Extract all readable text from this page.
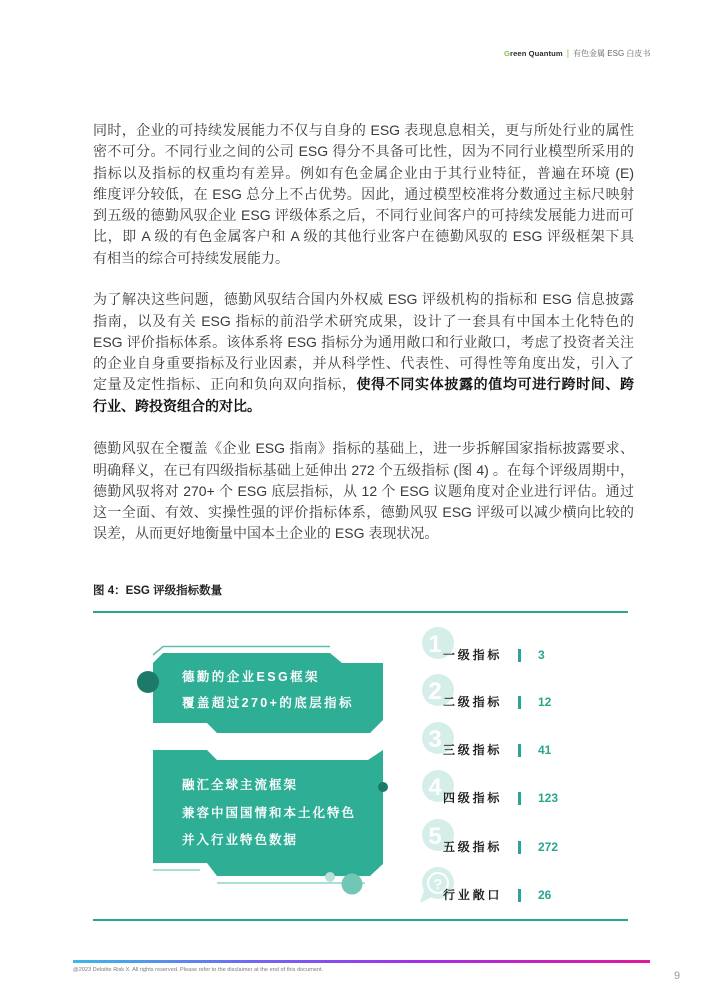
Green Quantum | 有色金属 ESG 白皮书
同时，企业的可持续发展能力不仅与自身的 ESG 表现息息相关，更与所处行业的属性
密不可分。不同行业之间的公司 ESG 得分不具备可比性，因为不同行业模型所采用的
指标以及指标的权重均有差异。例如有色金属企业由于其行业特征，普遍在环境 (E)
维度评分较低，在 ESG 总分上不占优势。因此，通过模型校准将分数通过主标尺映射
到五级的德勤风驭企业 ESG 评级体系之后，不同行业间客户的可持续发展能力进而可
比，即 A 级的有色金属客户和 A 级的其他行业客户在德勤风驭的 ESG 评级框架下具
有相当的综合可持续发展能力。
为了解决这些问题，德勤风驭结合国内外权威 ESG 评级机构的指标和 ESG 信息披露
指南，以及有关 ESG 指标的前沿学术研究成果，设计了一套具有中国本土化特色的
ESG 评价指标体系。该体系将 ESG 指标分为通用敞口和行业敞口，考虑了投资者关注
的企业自身重要指标及行业因素，并从科学性、代表性、可得性等角度出发，引入了
定量及定性指标、正向和负向双向指标，使得不同实体披露的值均可进行跨时间、跨
行业、跨投资组合的对比。
德勤风驭在全覆盖《企业 ESG 指南》指标的基础上，进一步拆解国家指标披露要求、
明确释义，在已有四级指标基础上延伸出 272 个五级指标 (图 4) 。在每个评级周期中，
德勤风驭将对 270+ 个 ESG 底层指标，从 12 个 ESG 议题角度对企业进行评估。通过
这一全面、有效、实操性强的评价指标体系，德勤风驭 ESG 评级可以减少横向比较的
误差，从而更好地衡量中国本土企业的 ESG 表现状况。
图 4：ESG 评级指标数量
1
2
3
4
5
?
德勤的企业ESG框架
覆盖超过270+的底层指标
融汇全球主流框架
兼容中国国情和本土化特色
并入行业特色数据
一级指标	3
二级指标	12
三级指标	41
四级指标	123
五级指标	272
行业敞口	26
@2023 Deloitte Risk X. All rights reserved. Please refer to the disclaimer at the end of this document.	9
